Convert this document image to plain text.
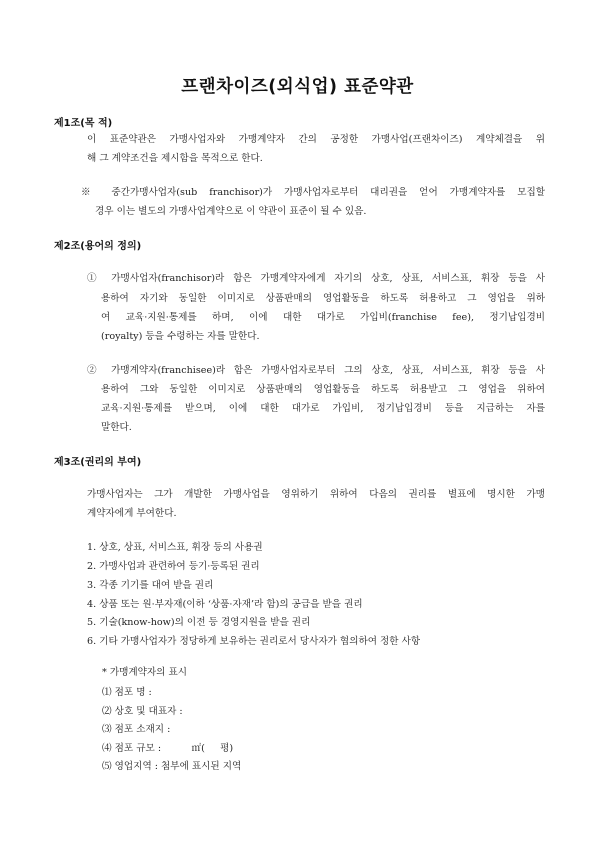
프랜차이즈(외식업) 표준약관
제1조(목 적)
이 표준약관은 가맹사업자와 가맹계약자 간의 공정한 가맹사업(프랜차이즈) 계약체결을 위
해 그 계약조건을 제시함을 목적으로 한다.
※ 중간가맹사업자(sub franchisor)가 가맹사업자로부터 대리권을 얻어 가맹계약자를 모집할
경우 이는 별도의 가맹사업계약으로 이 약관이 표준이 될 수 있음.
제2조(용어의 정의)
① 가맹사업자(franchisor)라 함은 가맹계약자에게 자기의 상호, 상표, 서비스표, 휘장 등을 사
용하여 자기와 동일한 이미지로 상품판매의 영업활동을 하도록 허용하고 그 영업을 위하
여 교육·지원·통제를 하며, 이에 대한 대가로 가입비(franchise fee), 정기납입경비
(royalty) 등을 수령하는 자를 말한다.
② 가맹계약자(franchisee)라 함은 가맹사업자로부터 그의 상호, 상표, 서비스표, 휘장 등을 사
용하여 그와 동일한 이미지로 상품판매의 영업활동을 하도록 허용받고 그 영업을 위하여
교육·지원·통제를 받으며, 이에 대한 대가로 가입비, 정기납입경비 등을 지급하는 자를
말한다.
제3조(권리의 부여)
가맹사업자는 그가 개발한 가맹사업을 영위하기 위하여 다음의 권리를 별표에 명시한 가맹
계약자에게 부여한다.
1. 상호, 상표, 서비스표, 휘장 등의 사용권
2. 가맹사업과 관련하여 등기·등록된 권리
3. 각종 기기를 대여 받을 권리
4. 상품 또는 원·부자재(이하 ‘상품·자재’라 함)의 공급을 받을 권리
5. 기술(know-how)의 이전 등 경영지원을 받을 권리
6. 기타 가맹사업자가 정당하게 보유하는 권리로서 당사자가 협의하여 정한 사항
* 가맹계약자의 표시
⑴ 점포 명 :
⑵ 상호 및 대표자 :
⑶ 점포 소재지 :
⑷ 점포 규모 :          ㎡(     평)
⑸ 영업지역 : 첨부에 표시된 지역
